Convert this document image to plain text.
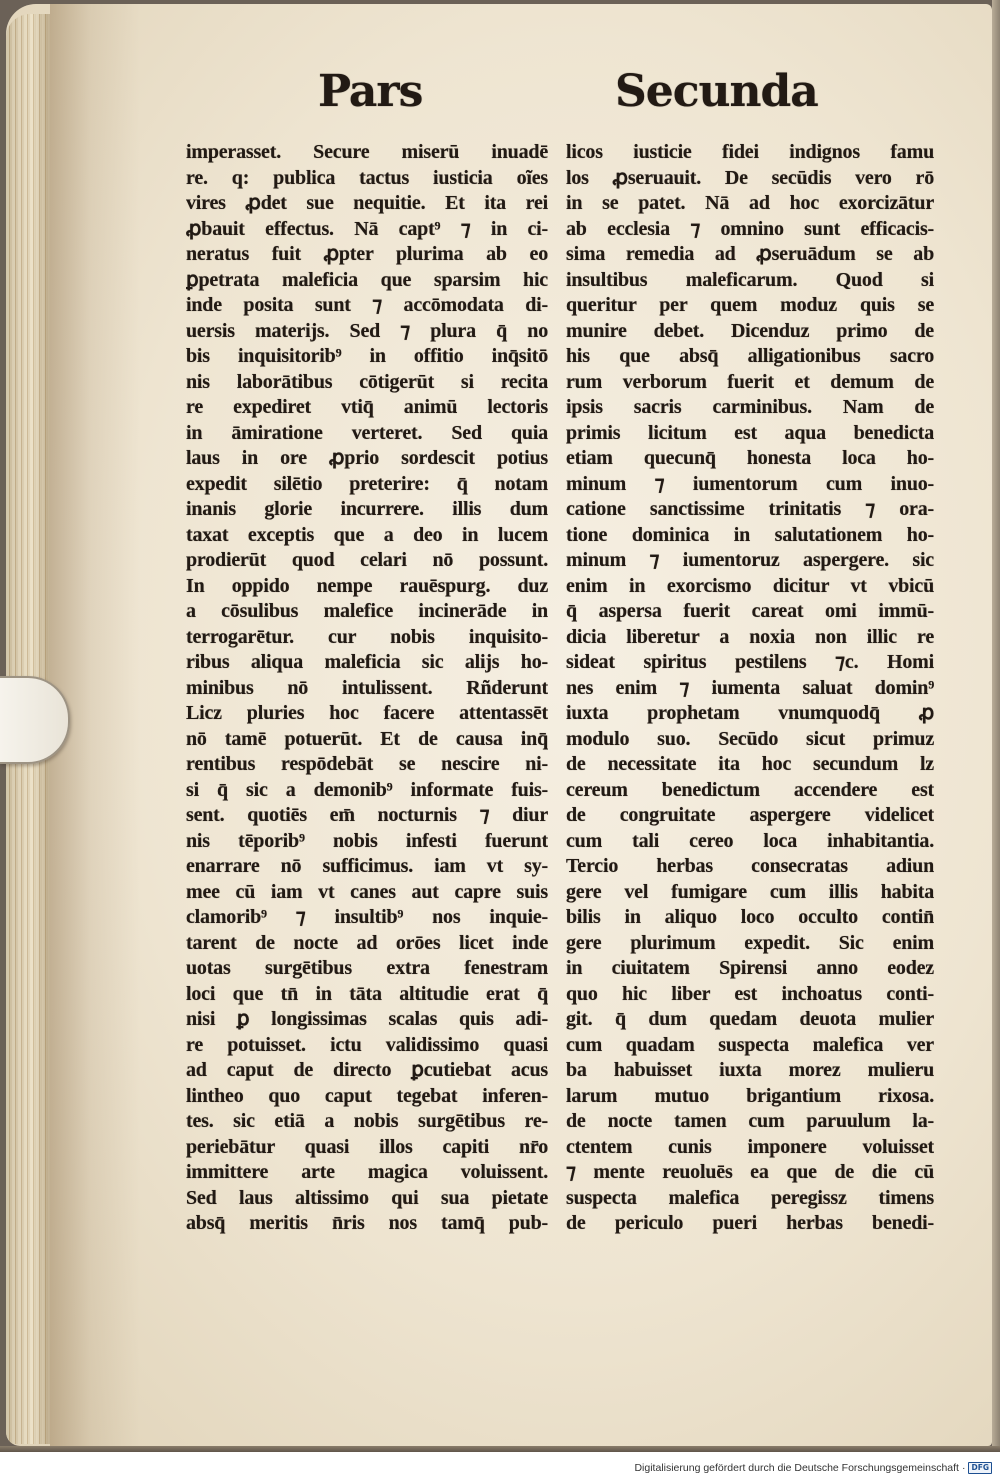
Pars	Secunda
imperasset. Secure miserū inuadē
re. q: publica tactus iusticia oĩes
vires ꝓdet sue nequitie. Et ita rei
ꝓbauit effectus. Nā capt⁹ ⁊ in ci-
neratus fuit ꝓpter plurima ab eo
ꝑpetrata maleficia que sparsim hic
inde posita sunt ⁊ accōmodata di-
uersis materijs. Sed ⁊ plura q̄ no
bis inquisitorib⁹ in offitio inq̄sitō
nis laborātibus cōtigerūt si recita
re expediret vtiq̄ animū lectoris
in āmiratione verteret. Sed quia
laus in ore ꝓprio sordescit potius
expedit silētio preterire: q̄ notam
inanis glorie incurrere. illis dum
taxat exceptis que a deo in lucem
prodierūt quod celari nō possunt.
In oppido nempe rauēspurg. duz
a cōsulibus malefice incinerāde in
terrogarētur. cur nobis inquisito-
ribus aliqua maleficia sic alijs ho-
minibus nō intulissent. Rñderunt
Licz pluries hoc facere attentassēt
nō tamē potuerūt. Et de causa inq̄
rentibus respōdebāt se nescire ni-
si q̄ sic a demonib⁹ informate fuis-
sent. quotiēs em̄ nocturnis ⁊ diur
nis tēporib⁹ nobis infesti fuerunt
enarrare nō sufficimus. iam vt sy-
mee cū iam vt canes aut capre suis
clamorib⁹ ⁊ insultib⁹ nos inquie-
tarent de nocte ad orōes licet inde
uotas surgētibus extra fenestram
loci que tn̄ in tāta altitudie erat q̄
nisi ꝑ longissimas scalas quis adi-
re potuisset. ictu validissimo quasi
ad caput de directo ꝑcutiebat acus
lintheo quo caput tegebat inferen-
tes. sic etiā a nobis surgētibus re-
periebātur quasi illos capiti nr̄o
immittere arte magica voluissent.
Sed laus altissimo qui sua pietate
absq̄ meritis n̄ris nos tamq̄ pub-
licos iusticie fidei indignos famu
los ꝓseruauit. De secūdis vero rō
in se patet. Nā ad hoc exorcizātur
ab ecclesia ⁊ omnino sunt efficacis-
sima remedia ad ꝓseruādum se ab
insultibus maleficarum. Quod si
queritur per quem moduz quis se
munire debet. Dicenduz primo de
his que absq̄ alligationibus sacro
rum verborum fuerit et demum de
ipsis sacris carminibus. Nam de
primis licitum est aqua benedicta
etiam quecunq̄ honesta loca ho-
minum ⁊ iumentorum cum inuo-
catione sanctissime trinitatis ⁊ ora-
tione dominica in salutationem ho-
minum ⁊ iumentoruz aspergere. sic
enim in exorcismo dicitur vt vbicū
q̄ aspersa fuerit careat omi immū-
dicia liberetur a noxia non illic re
sideat spiritus pestilens ⁊c. Homi
nes enim ⁊ iumenta saluat domin⁹
iuxta prophetam vnumquodq̄ ꝓ
modulo suo. Secūdo sicut primuz
de necessitate ita hoc secundum lz
cereum benedictum accendere est
de congruitate aspergere videlicet
cum tali cereo loca inhabitantia.
Tercio herbas consecratas adiun
gere vel fumigare cum illis habita
bilis in aliquo loco occulto contin̄
gere plurimum expedit. Sic enim
in ciuitatem Spirensi anno eodez
quo hic liber est inchoatus conti-
git. q̄ dum quedam deuota mulier
cum quadam suspecta malefica ver
ba habuisset iuxta morez mulieru
larum mutuo brigantium rixosa.
de nocte tamen cum paruulum la-
ctentem cunis imponere voluisset
⁊ mente reuoluēs ea que de die cū
suspecta malefica peregissz timens
de periculo pueri herbas benedi-
Digitalisierung gefördert durch die Deutsche Forschungsgemeinschaft · DFG
